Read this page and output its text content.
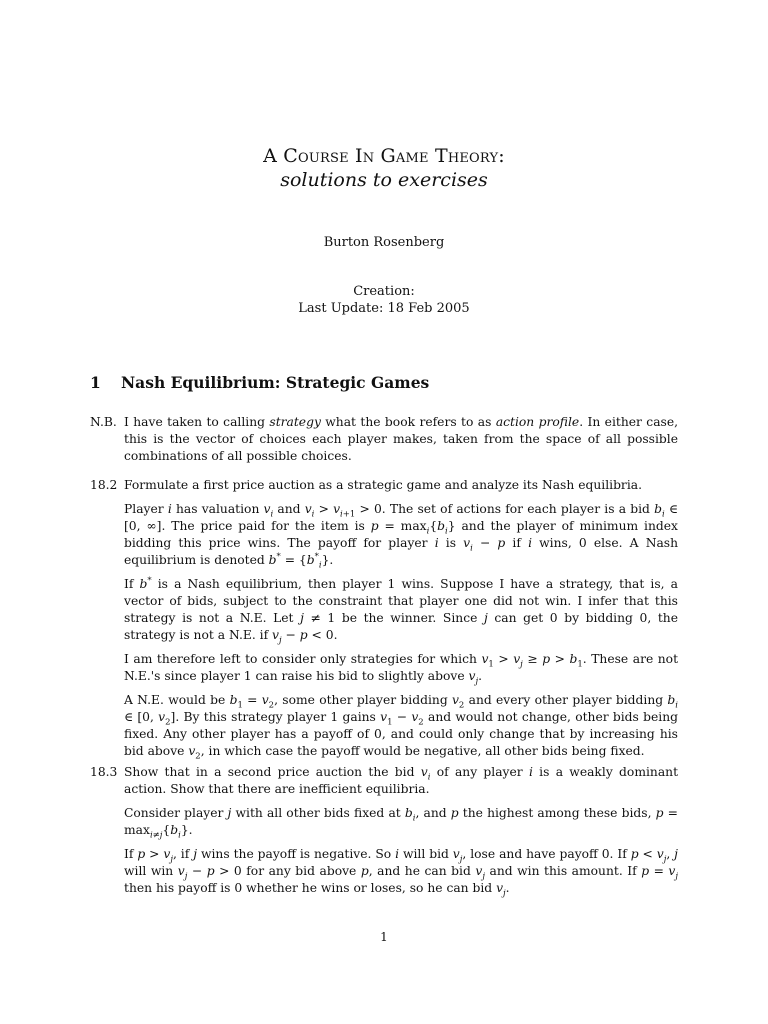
A Course In Game Theory:
solutions to exercises
Burton Rosenberg
Creation:
Last Update: 18 Feb 2005
1 Nash Equilibrium: Strategic Games
N.B. I have taken to calling strategy what the book refers to as action profile. In either case, this is the vector of choices each player makes, taken from the space of all possible combinations of all possible choices.

18.2 Formulate a first price auction as a strategic game and analyze its Nash equilibria.

Player i has valuation $v_i$ and $v_i > v_{i+1} > 0$. The set of actions for each player is a bid $b_i$ ∈ [0, ∞]. The price paid for the item is $p = \max_i\{b_i\}$ and the player of minimum index bidding this price wins. The payoff for player i is $v_i - p$ if i wins, 0 else. A Nash equilibrium is denoted $b^* = \{b^*_i\}$.

If b* is a Nash equilibrium, then player 1 wins. Suppose I have a strategy, that is, a vector of bids, subject to the constraint that player one did not win. I infer that this strategy is not a N.E. Let j ≠ 1 be the winner. Since j can get 0 by bidding 0, the strategy is not a N.E. if $v_j - p < 0$.

I am therefore left to consider only strategies for which $v_1 > v_j \ge p > b_1$. These are not N.E.'s since player 1 can raise his bid to slightly above $v_j$.

A N.E. would be $b_1 = v_2$, some other player bidding $v_2$ and every other player bidding $b_i$ ∈ [0, $v_2$]. By this strategy player 1 gains $v_1 - v_2$ and would not change, other bids being fixed. Any other player has a payoff of 0, and could only change that by increasing his bid above $v_2$, in which case the payoff would be negative, all other bids being fixed.

18.3 Show that in a second price auction the bid $v_i$ of any player i is a weakly dominant action. Show that there are inefficient equilibria.

Consider player j with all other bids fixed at $b_i$, and p the highest among these bids, $p = \max_{i\ne j}\{b_i\}$.

If $p > v_j$, if j wins the payoff is negative. So i will bid $v_j$, lose and have payoff 0. If $p < v_j$, j will win $v_j - p > 0$ for any bid above p, and he can bid $v_j$ and win this amount. If $p = v_j$ then his payoff is 0 whether he wins or loses, so he can bid $v_j$.

1
